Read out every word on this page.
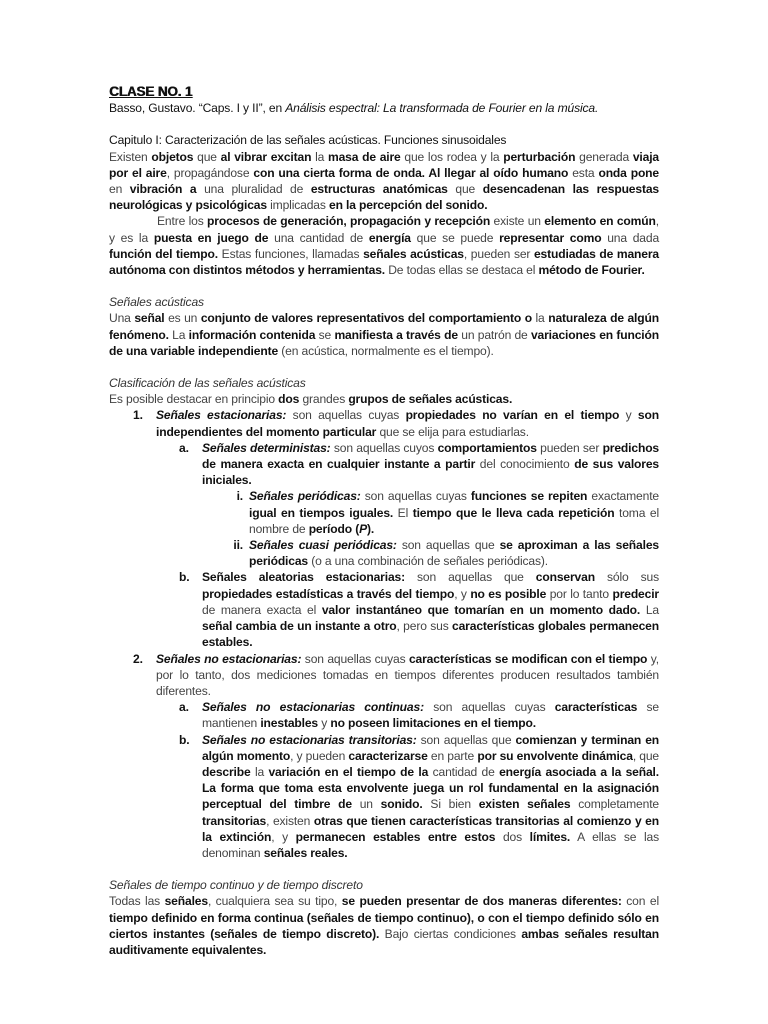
CLASE NO. 1

Basso, Gustavo. “Caps. I y II”, en Análisis espectral: La transformada de Fourier en la música.

Capitulo I: Caracterización de las señales acústicas. Funciones sinusoidales

Existen objetos que al vibrar excitan la masa de aire que los rodea y la perturbación generada viaja por el aire, propagándose con una cierta forma de onda. Al llegar al oído humano esta onda pone en vibración a una pluralidad de estructuras anatómicas que desencadenan las respuestas neurológicas y psicológicas implicadas en la percepción del sonido.

Entre los procesos de generación, propagación y recepción existe un elemento en común, y es la puesta en juego de una cantidad de energía que se puede representar como una dada función del tiempo. Estas funciones, llamadas señales acústicas, pueden ser estudiadas de manera autónoma con distintos métodos y herramientas. De todas ellas se destaca el método de Fourier.

Señales acústicas

Una señal es un conjunto de valores representativos del comportamiento o la naturaleza de algún fenómeno. La información contenida se manifiesta a través de un patrón de variaciones en función de una variable independiente (en acústica, normalmente es el tiempo).

Clasificación de las señales acústicas

Es posible destacar en principio dos grandes grupos de señales acústicas.

1. Señales estacionarias: son aquellas cuyas propiedades no varían en el tiempo y son independientes del momento particular que se elija para estudiarlas.

a. Señales deterministas: son aquellas cuyos comportamientos pueden ser predichos de manera exacta en cualquier instante a partir del conocimiento de sus valores iniciales.

i. Señales periódicas: son aquellas cuyas funciones se repiten exactamente igual en tiempos iguales. El tiempo que le lleva cada repetición toma el nombre de período (P).

ii. Señales cuasi periódicas: son aquellas que se aproximan a las señales periódicas (o a una combinación de señales periódicas).

b. Señales aleatorias estacionarias: son aquellas que conservan sólo sus propiedades estadísticas a través del tiempo, y no es posible por lo tanto predecir de manera exacta el valor instantáneo que tomarían en un momento dado. La señal cambia de un instante a otro, pero sus características globales permanecen estables.

2. Señales no estacionarias: son aquellas cuyas características se modifican con el tiempo y, por lo tanto, dos mediciones tomadas en tiempos diferentes producen resultados también diferentes.

a. Señales no estacionarias continuas: son aquellas cuyas características se mantienen inestables y no poseen limitaciones en el tiempo.

b. Señales no estacionarias transitorias: son aquellas que comienzan y terminan en algún momento, y pueden caracterizarse en parte por su envolvente dinámica, que describe la variación en el tiempo de la cantidad de energía asociada a la señal. La forma que toma esta envolvente juega un rol fundamental en la asignación perceptual del timbre de un sonido. Si bien existen señales completamente transitorias, existen otras que tienen características transitorias al comienzo y en la extinción, y permanecen estables entre estos dos límites. A ellas se las denominan señales reales.

Señales de tiempo continuo y de tiempo discreto

Todas las señales, cualquiera sea su tipo, se pueden presentar de dos maneras diferentes: con el tiempo definido en forma continua (señales de tiempo continuo), o con el tiempo definido sólo en ciertos instantes (señales de tiempo discreto). Bajo ciertas condiciones ambas señales resultan auditivamente equivalentes.
